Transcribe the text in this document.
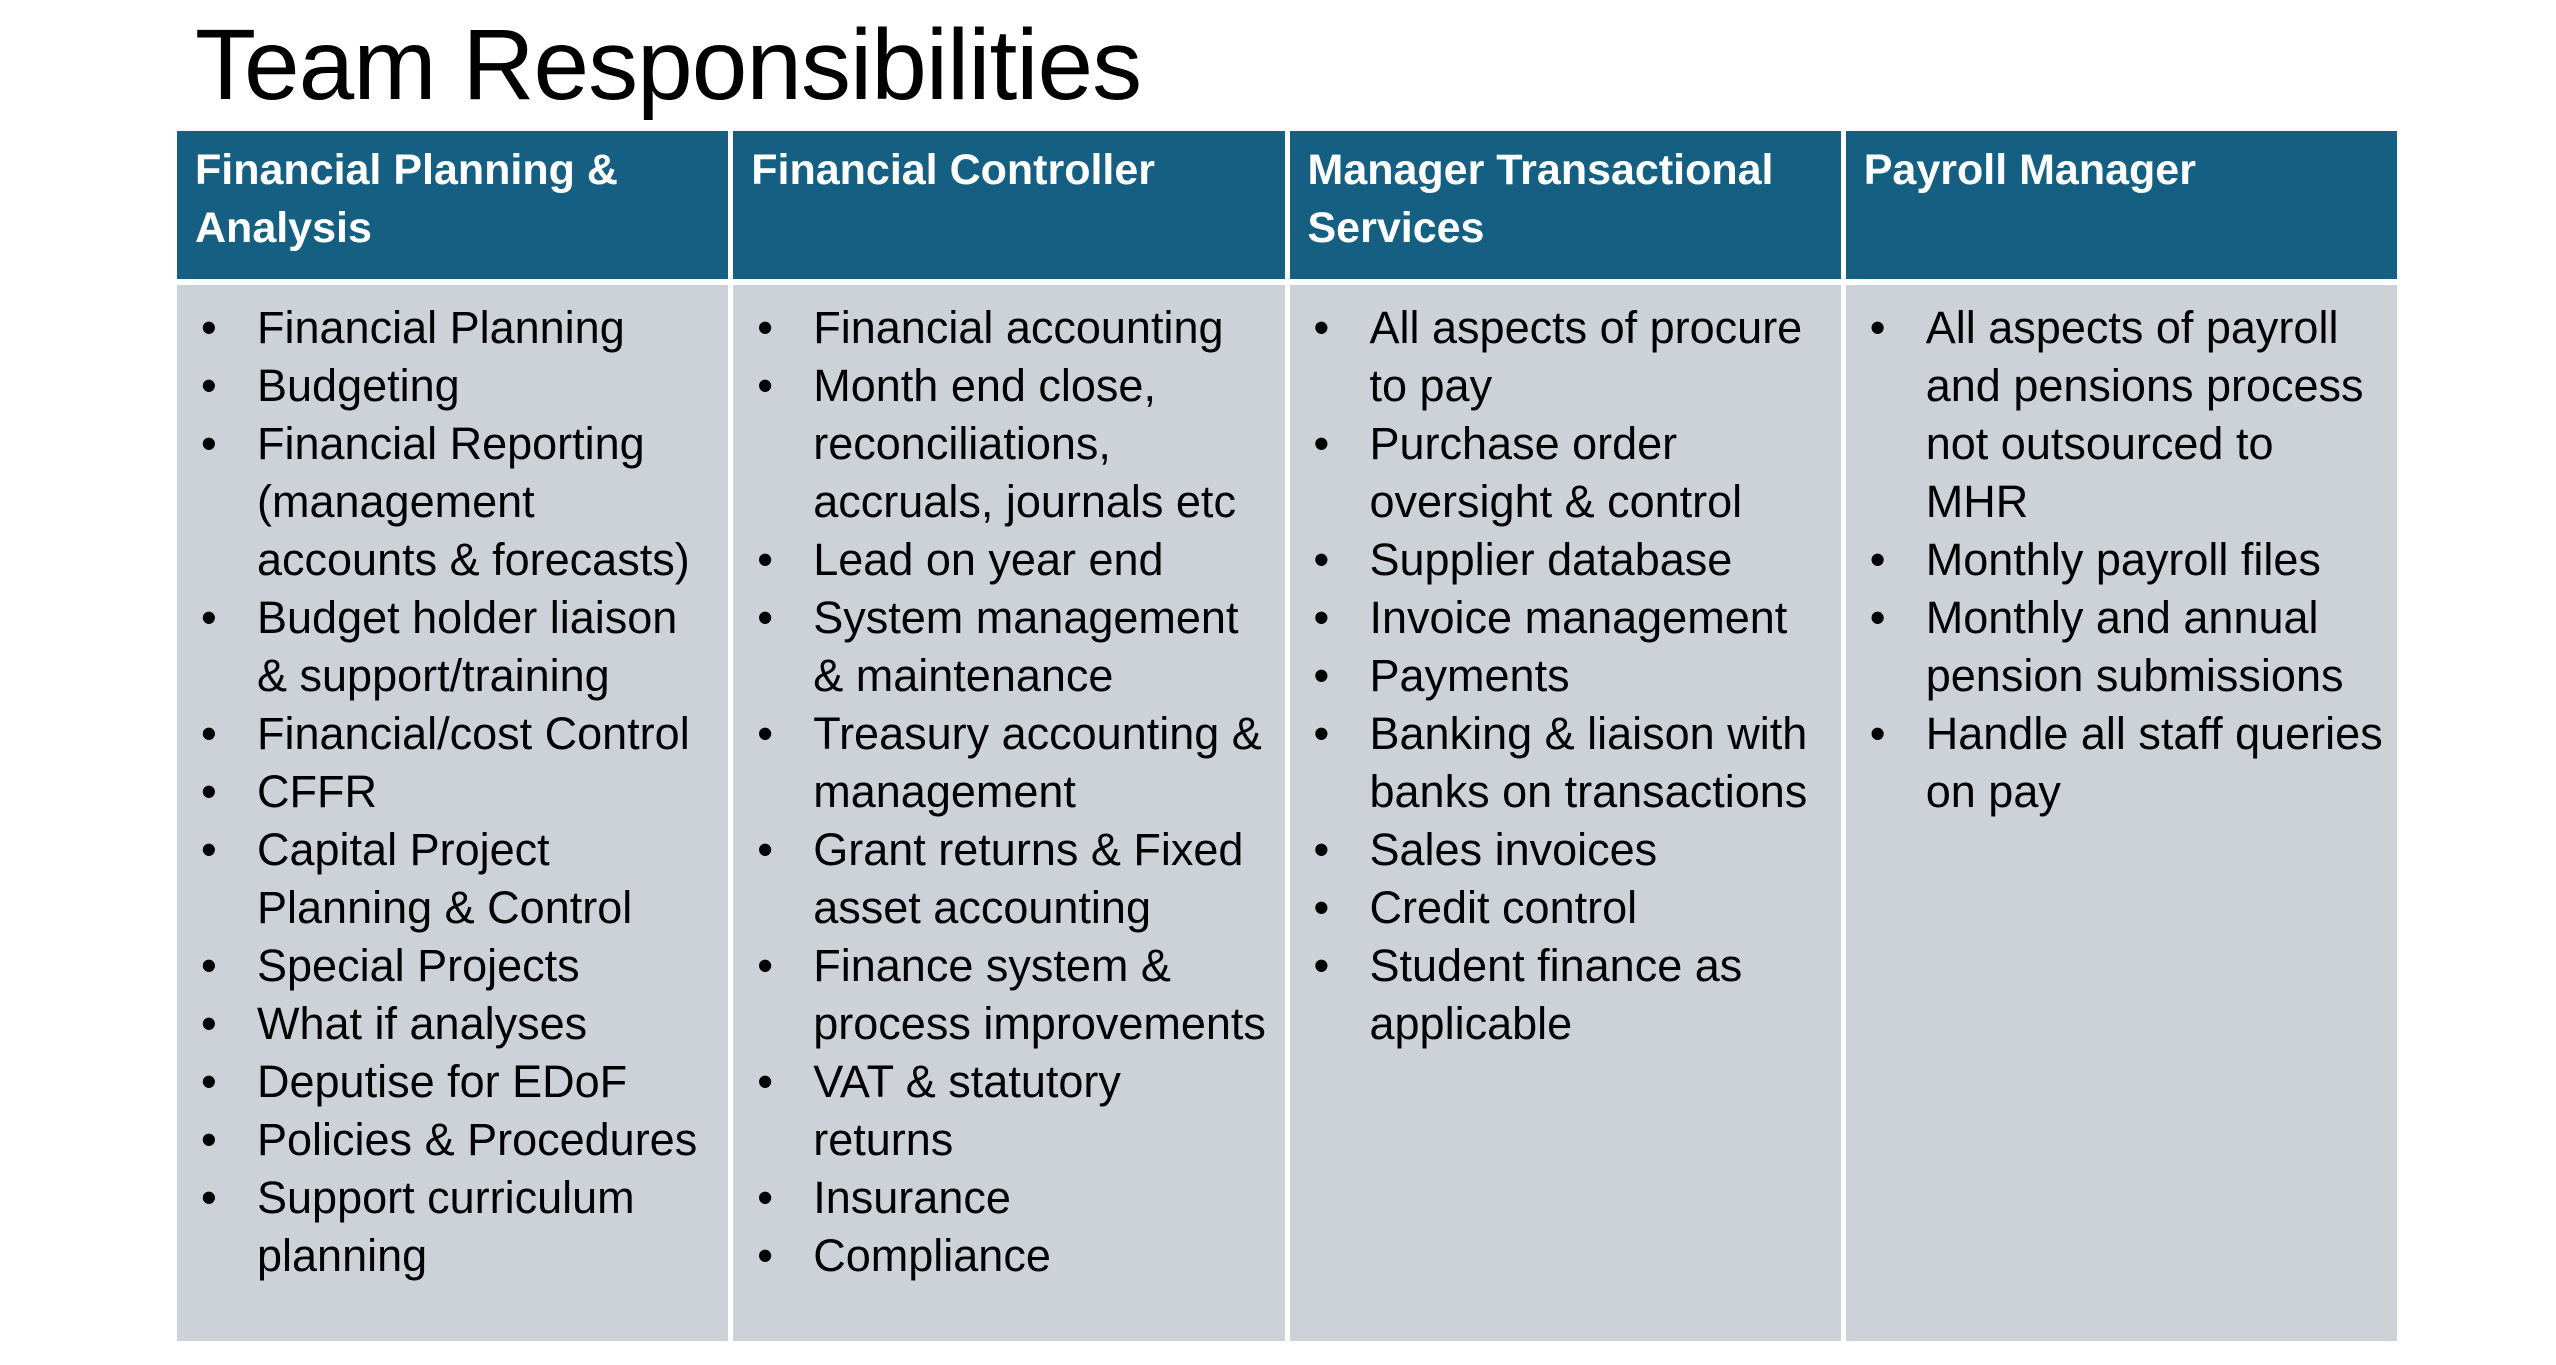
Team Responsibilities
Financial Planning & Analysis
Financial Controller	Manager Transactional Services
Payroll Manager
• Financial Planning
• Budgeting
• Financial Reporting (management accounts & forecasts)
• Budget holder liaison & support/training
• Financial/cost Control
• CFFR
• Capital Project Planning & Control
• Special Projects
• What if analyses
• Deputise for EDoF
• Policies & Procedures
• Support curriculum planning
• Financial accounting
• Month end close, reconciliations, accruals, journals etc
• Lead on year end
• System management & maintenance
• Treasury accounting & management
• Grant returns & Fixed asset accounting
• Finance system & process improvements
• VAT & statutory returns
• Insurance
• Compliance
• All aspects of procure to pay
• Purchase order oversight & control
• Supplier database
• Invoice management
• Payments
• Banking & liaison with banks on transactions
• Sales invoices
• Credit control
• Student finance as applicable
• All aspects of payroll and pensions process not outsourced to MHR
• Monthly payroll files
• Monthly and annual pension submissions
• Handle all staff queries on pay
